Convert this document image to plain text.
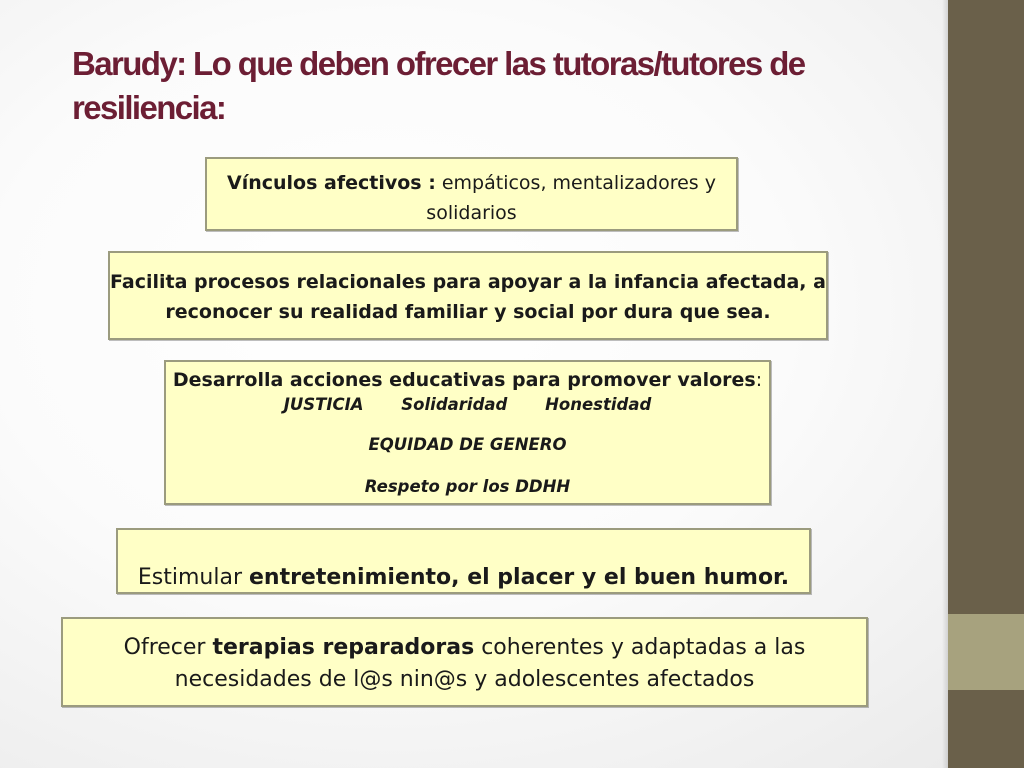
Barudy: Lo que deben ofrecer las tutoras/tutores de resiliencia:
Vínculos afectivos : empáticos, mentalizadores y solidarios
Facilita procesos relacionales para apoyar a la infancia afectada, a
reconocer su realidad familiar y social por dura que sea.
Desarrolla acciones educativas para promover valores:
JUSTICIA Solidaridad Honestidad
EQUIDAD DE GENERO
Respeto por los DDHH
Estimular entretenimiento, el placer y el buen humor.
Ofrecer terapias reparadoras coherentes y adaptadas a las
necesidades de l@s nin@s y adolescentes afectados
